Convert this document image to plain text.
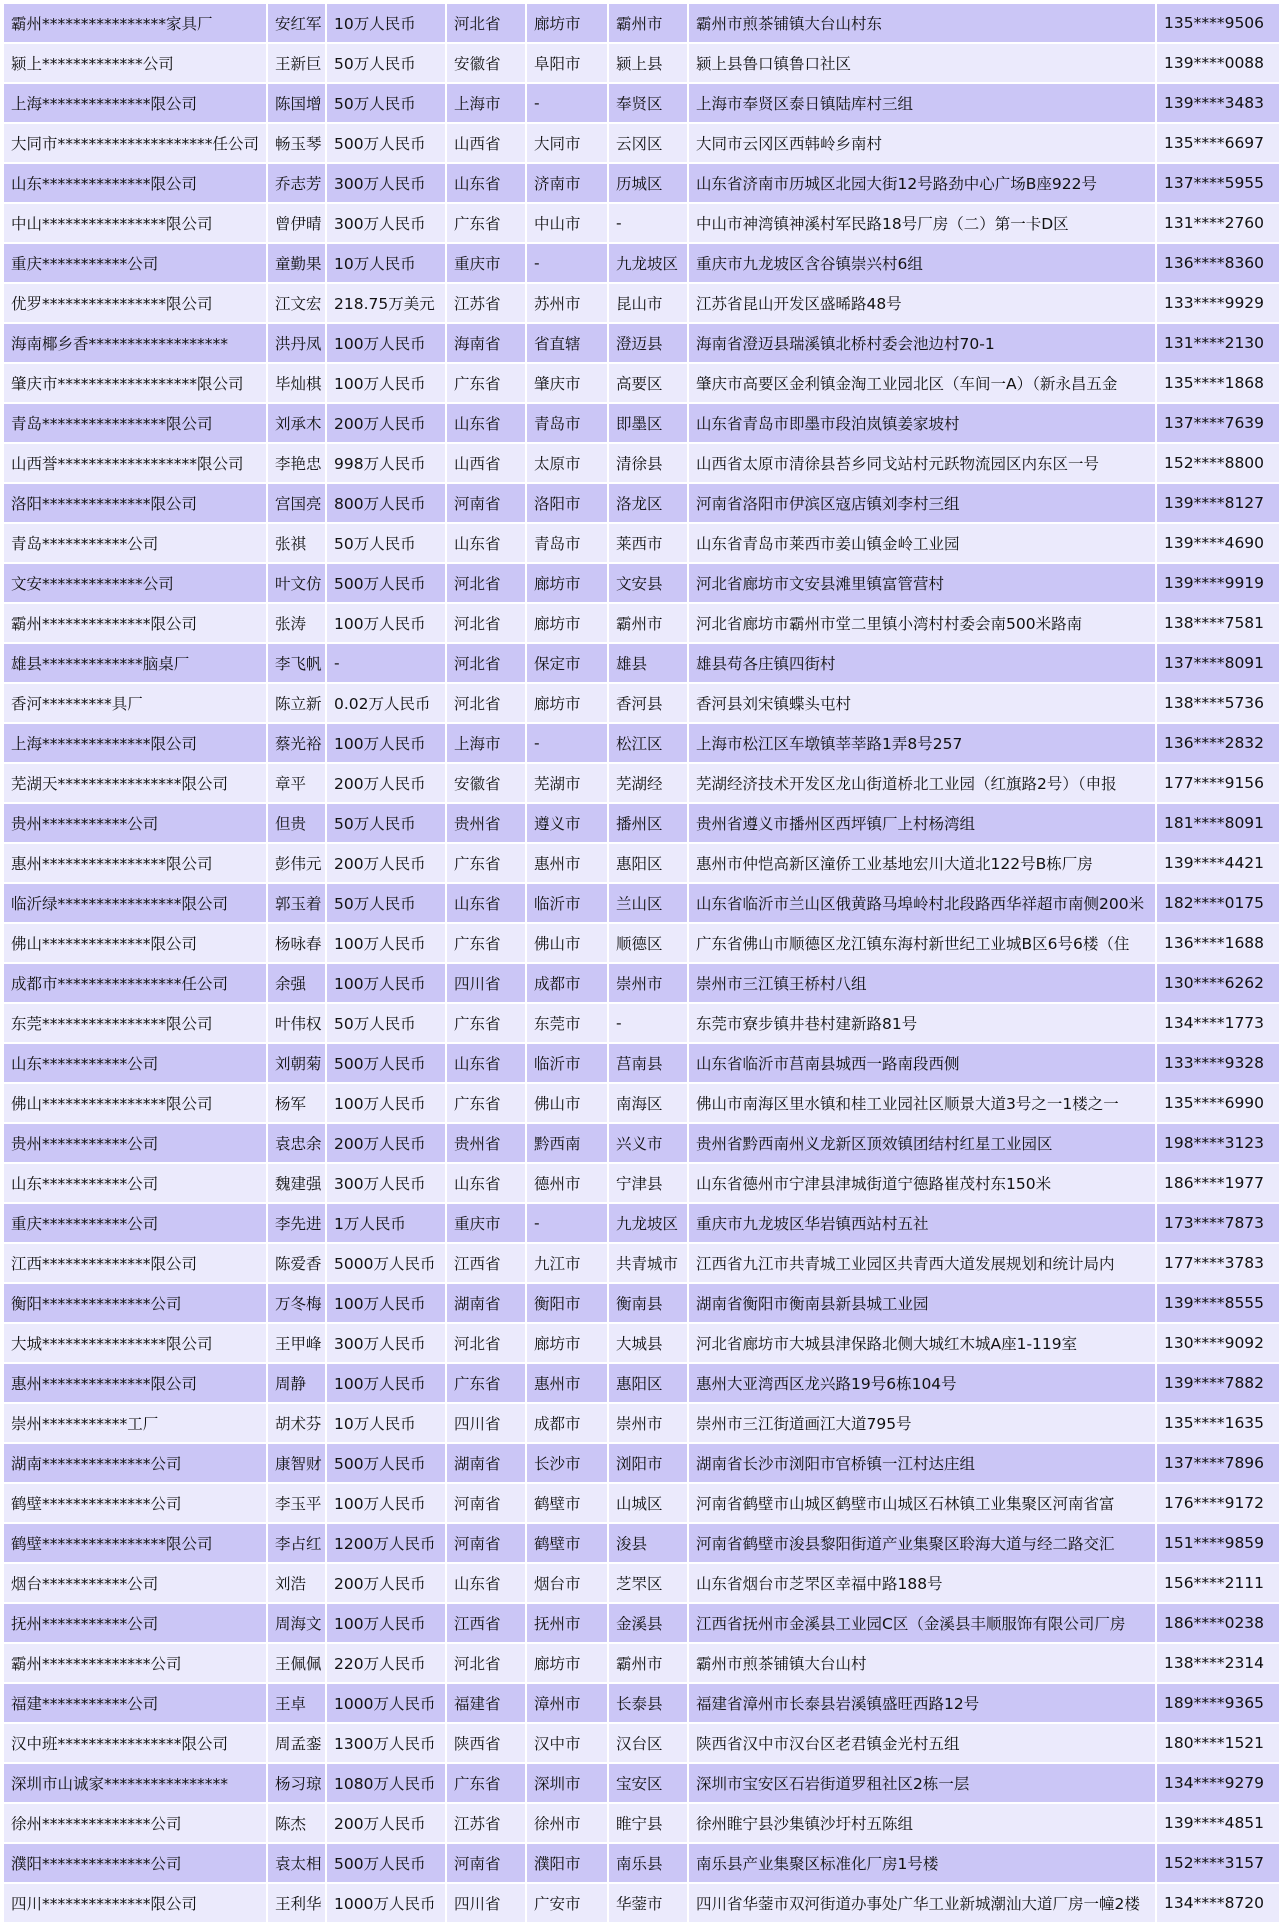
霸州****************家具厂	安红军	10万人民币	河北省	廊坊市	霸州市	霸州市煎茶铺镇大台山村东	135****9506
颍上*************公司	王新巨	50万人民币	安徽省	阜阳市	颍上县	颍上县鲁口镇鲁口社区	139****0088
上海**************限公司	陈国增	50万人民币	上海市	-	奉贤区	上海市奉贤区泰日镇陆库村三组	139****3483
大同市********************任公司	畅玉琴	500万人民币	山西省	大同市	云冈区	大同市云冈区西韩岭乡南村	135****6697
山东**************限公司	乔志芳	300万人民币	山东省	济南市	历城区	山东省济南市历城区北园大街12号路劲中心广场B座922号	137****5955
中山****************限公司	曾伊晴	300万人民币	广东省	中山市	-	中山市神湾镇神溪村军民路18号厂房（二）第一卡D区	131****2760
重庆***********公司	童勤果	10万人民币	重庆市	-	九龙坡区	重庆市九龙坡区含谷镇崇兴村6组	136****8360
优罗****************限公司	江文宏	218.75万美元	江苏省	苏州市	昆山市	江苏省昆山开发区盛晞路48号	133****9929
海南椰乡香******************	洪丹凤	100万人民币	海南省	省直辖	澄迈县	海南省澄迈县瑞溪镇北桥村委会池边村70-1	131****2130
肇庆市******************限公司	毕灿棋	100万人民币	广东省	肇庆市	高要区	肇庆市高要区金利镇金淘工业园北区（车间一A）（新永昌五金	135****1868
青岛****************限公司	刘承木	200万人民币	山东省	青岛市	即墨区	山东省青岛市即墨市段泊岚镇姜家坡村	137****7639
山西誉******************限公司	李艳忠	998万人民币	山西省	太原市	清徐县	山西省太原市清徐县苔乡同戈站村元跃物流园区内东区一号	152****8800
洛阳**************限公司	宫国亮	800万人民币	河南省	洛阳市	洛龙区	河南省洛阳市伊滨区寇店镇刘李村三组	139****8127
青岛***********公司	张祺	50万人民币	山东省	青岛市	莱西市	山东省青岛市莱西市姜山镇金岭工业园	139****4690
文安*************公司	叶文仿	500万人民币	河北省	廊坊市	文安县	河北省廊坊市文安县滩里镇富管营村	139****9919
霸州**************限公司	张涛	100万人民币	河北省	廊坊市	霸州市	河北省廊坊市霸州市堂二里镇小湾村村委会南500米路南	138****7581
雄县*************脑桌厂	李飞帆	-	河北省	保定市	雄县	雄县苟各庄镇四街村	137****8091
香河*********具厂	陈立新	0.02万人民币	河北省	廊坊市	香河县	香河县刘宋镇蝶头屯村	138****5736
上海**************限公司	蔡光裕	100万人民币	上海市	-	松江区	上海市松江区车墩镇莘莘路1弄8号257	136****2832
芜湖天****************限公司	章平	200万人民币	安徽省	芜湖市	芜湖经	芜湖经济技术开发区龙山街道桥北工业园（红旗路2号）（申报	177****9156
贵州***********公司	但贵	50万人民币	贵州省	遵义市	播州区	贵州省遵义市播州区西坪镇厂上村杨湾组	181****8091
惠州****************限公司	彭伟元	200万人民币	广东省	惠州市	惠阳区	惠州市仲恺高新区潼侨工业基地宏川大道北122号B栋厂房	139****4421
临沂绿****************限公司	郭玉着	50万人民币	山东省	临沂市	兰山区	山东省临沂市兰山区俄黄路马埠岭村北段路西华祥超市南侧200米	182****0175
佛山**************限公司	杨咏春	100万人民币	广东省	佛山市	顺德区	广东省佛山市顺德区龙江镇东海村新世纪工业城B区6号6楼（住	136****1688
成都市****************任公司	余强	100万人民币	四川省	成都市	崇州市	崇州市三江镇王桥村八组	130****6262
东莞****************限公司	叶伟权	50万人民币	广东省	东莞市	-	东莞市寮步镇井巷村建新路81号	134****1773
山东***********公司	刘朝菊	500万人民币	山东省	临沂市	莒南县	山东省临沂市莒南县城西一路南段西侧	133****9328
佛山****************限公司	杨军	100万人民币	广东省	佛山市	南海区	佛山市南海区里水镇和桂工业园社区顺景大道3号之一1楼之一	135****6990
贵州***********公司	袁忠余	200万人民币	贵州省	黔西南	兴义市	贵州省黔西南州义龙新区顶效镇团结村红星工业园区	198****3123
山东***********公司	魏建强	300万人民币	山东省	德州市	宁津县	山东省德州市宁津县津城街道宁德路崔茂村东150米	186****1977
重庆***********公司	李先进	1万人民币	重庆市	-	九龙坡区	重庆市九龙坡区华岩镇西站村五社	173****7873
江西**************限公司	陈爱香	5000万人民币	江西省	九江市	共青城市	江西省九江市共青城工业园区共青西大道发展规划和统计局内	177****3783
衡阳**************公司	万冬梅	100万人民币	湖南省	衡阳市	衡南县	湖南省衡阳市衡南县新县城工业园	139****8555
大城****************限公司	王甲峰	300万人民币	河北省	廊坊市	大城县	河北省廊坊市大城县津保路北侧大城红木城A座1-119室	130****9092
惠州**************限公司	周静	100万人民币	广东省	惠州市	惠阳区	惠州大亚湾西区龙兴路19号6栋104号	139****7882
崇州***********工厂	胡术芬	10万人民币	四川省	成都市	崇州市	崇州市三江街道画江大道795号	135****1635
湖南**************公司	康智财	500万人民币	湖南省	长沙市	浏阳市	湖南省长沙市浏阳市官桥镇一江村达庄组	137****7896
鹤壁**************公司	李玉平	100万人民币	河南省	鹤壁市	山城区	河南省鹤壁市山城区鹤壁市山城区石林镇工业集聚区河南省富	176****9172
鹤壁****************限公司	李占红	1200万人民币	河南省	鹤壁市	浚县	河南省鹤壁市浚县黎阳街道产业集聚区聆海大道与经二路交汇	151****9859
烟台***********公司	刘浩	200万人民币	山东省	烟台市	芝罘区	山东省烟台市芝罘区幸福中路188号	156****2111
抚州***********公司	周海文	100万人民币	江西省	抚州市	金溪县	江西省抚州市金溪县工业园C区（金溪县丰顺服饰有限公司厂房	186****0238
霸州**************公司	王佩佩	220万人民币	河北省	廊坊市	霸州市	霸州市煎茶铺镇大台山村	138****2314
福建***********公司	王卓	1000万人民币	福建省	漳州市	长泰县	福建省漳州市长泰县岩溪镇盛旺西路12号	189****9365
汉中班****************限公司	周孟銮	1300万人民币	陕西省	汉中市	汉台区	陕西省汉中市汉台区老君镇金光村五组	180****1521
深圳市山诚家****************	杨习琼	1080万人民币	广东省	深圳市	宝安区	深圳市宝安区石岩街道罗租社区2栋一层	134****9279
徐州**************公司	陈杰	200万人民币	江苏省	徐州市	睢宁县	徐州睢宁县沙集镇沙圩村五陈组	139****4851
濮阳**************公司	袁太相	500万人民币	河南省	濮阳市	南乐县	南乐县产业集聚区标准化厂房1号楼	152****3157
四川**************限公司	王利华	1000万人民币	四川省	广安市	华蓥市	四川省华蓥市双河街道办事处广华工业新城潮汕大道厂房一幢2楼	134****8720
